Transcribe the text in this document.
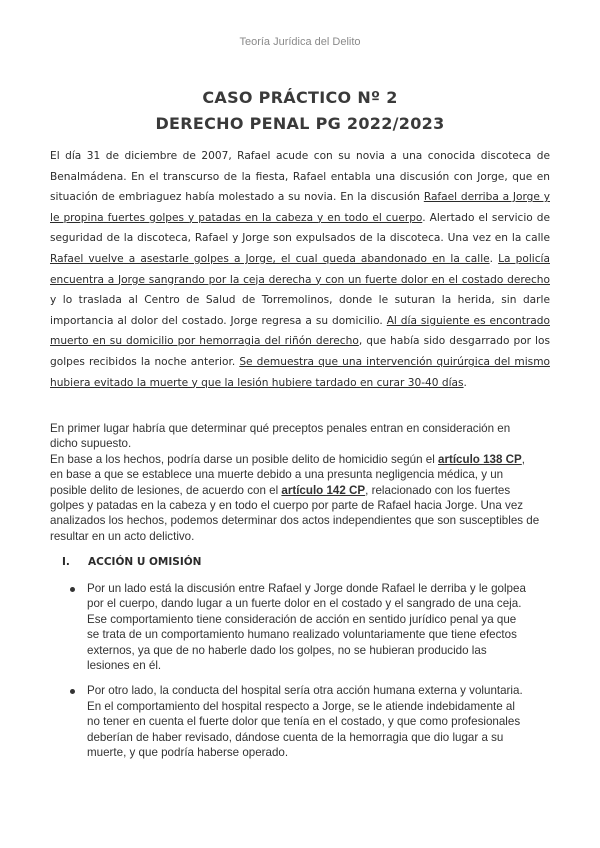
Teoría Jurídica del Delito
CASO PRÁCTICO Nº 2
DERECHO PENAL PG 2022/2023
El día 31 de diciembre de 2007, Rafael acude con su novia a una conocida discoteca de Benalmádena. En el transcurso de la fiesta, Rafael entabla una discusión con Jorge, que en situación de embriaguez había molestado a su novia. En la discusión Rafael derriba a Jorge y le propina fuertes golpes y patadas en la cabeza y en todo el cuerpo. Alertado el servicio de seguridad de la discoteca, Rafael y Jorge son expulsados de la discoteca. Una vez en la calle Rafael vuelve a asestarle golpes a Jorge, el cual queda abandonado en la calle. La policía encuentra a Jorge sangrando por la ceja derecha y con un fuerte dolor en el costado derecho y lo traslada al Centro de Salud de Torremolinos, donde le suturan la herida, sin darle importancia al dolor del costado. Jorge regresa a su domicilio. Al día siguiente es encontrado muerto en su domicilio por hemorragia del riñón derecho, que había sido desgarrado por los golpes recibidos la noche anterior. Se demuestra que una intervención quirúrgica del mismo hubiera evitado la muerte y que la lesión hubiere tardado en curar 30-40 días.

En primer lugar habría que determinar qué preceptos penales entran en consideración en dicho supuesto.

En base a los hechos, podría darse un posible delito de homicidio según el artículo 138 CP, en base a que se establece una muerte debido a una presunta negligencia médica, y un posible delito de lesiones, de acuerdo con el artículo 142 CP, relacionado con los fuertes golpes y patadas en la cabeza y en todo el cuerpo por parte de Rafael hacia Jorge. Una vez analizados los hechos, podemos determinar dos actos independientes que son susceptibles de resultar en un acto delictivo.

I. ACCIÓN U OMISIÓN
Por un lado está la discusión entre Rafael y Jorge donde Rafael le derriba y le golpea por el cuerpo, dando lugar a un fuerte dolor en el costado y el sangrado de una ceja. Ese comportamiento tiene consideración de acción en sentido jurídico penal ya que se trata de un comportamiento humano realizado voluntariamente que tiene efectos externos, ya que de no haberle dado los golpes, no se hubieran producido las lesiones en él.
Por otro lado, la conducta del hospital sería otra acción humana externa y voluntaria. En el comportamiento del hospital respecto a Jorge, se le atiende indebidamente al no tener en cuenta el fuerte dolor que tenía en el costado, y que como profesionales deberían de haber revisado, dándose cuenta de la hemorragia que dio lugar a su muerte, y que podría haberse operado.
